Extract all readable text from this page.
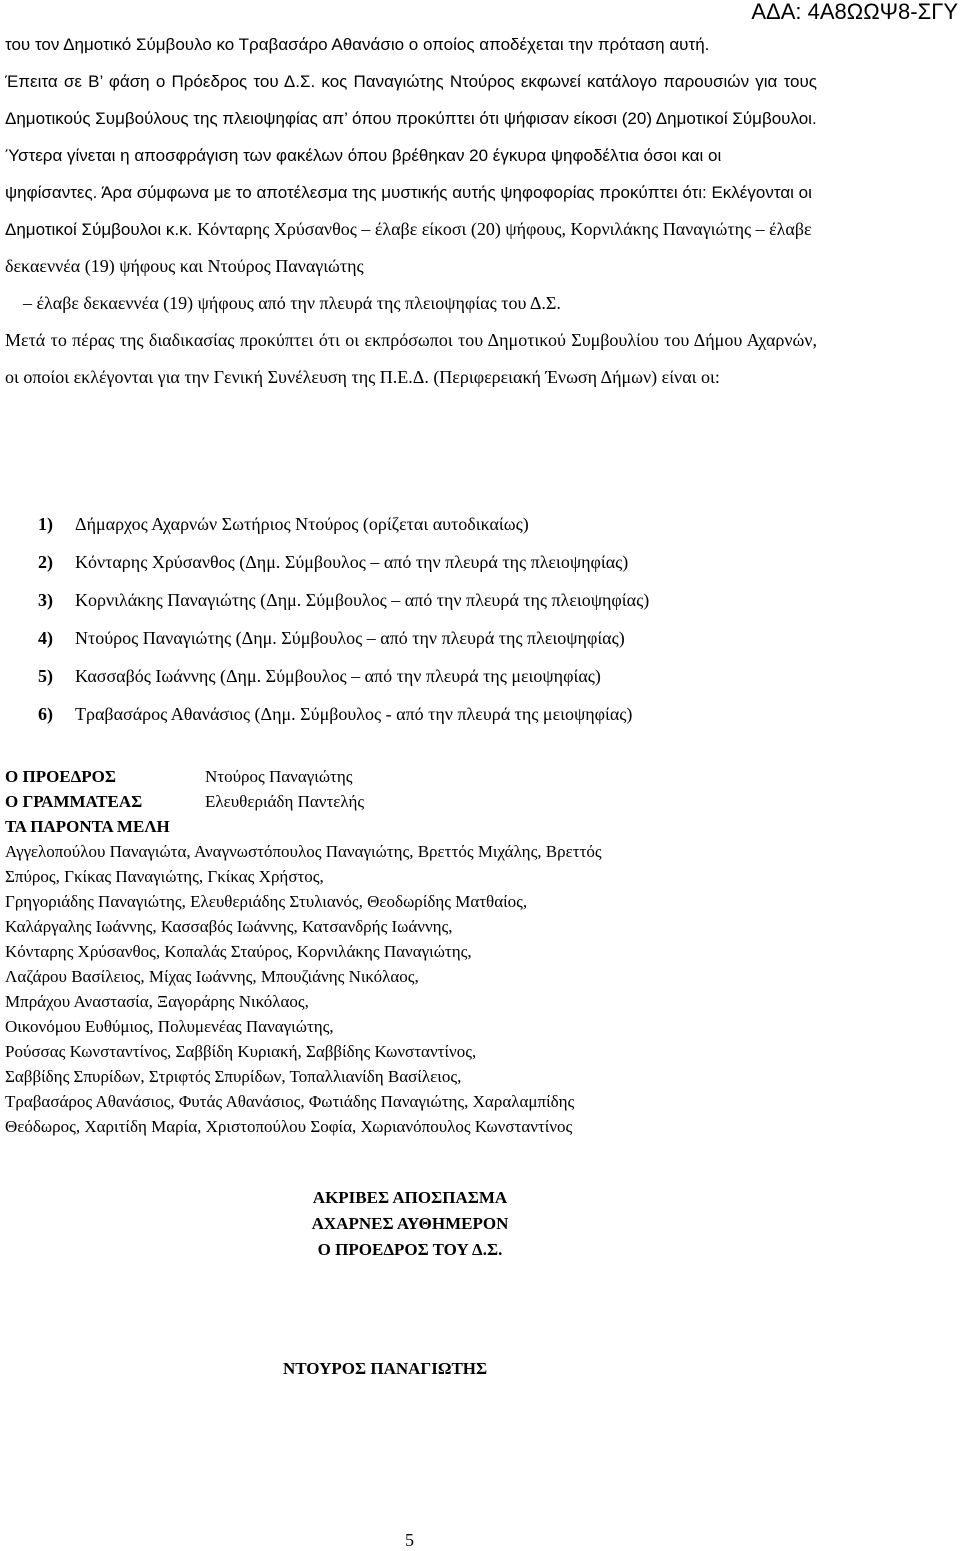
ΑΔΑ: 4Α8ΩΩΨ8-ΣΓΥ

του τον Δημοτικό Σύμβουλο κο Τραβασάρο Αθανάσιο ο οποίος αποδέχεται την πρόταση αυτή.

Έπειτα σε Β’ φάση ο Πρόεδρος του Δ.Σ. κος Παναγιώτης Ντούρος εκφωνεί κατάλογο παρουσιών για τους Δημοτικούς Συμβούλους της πλειοψηφίας απ’ όπου προκύπτει ότι ψήφισαν είκοσι (20) Δημοτικοί Σύμβουλοι.

Ύστερα γίνεται η αποσφράγιση των φακέλων όπου βρέθηκαν 20 έγκυρα ψηφοδέλτια όσοι και οι ψηφίσαντες. Άρα σύμφωνα με το αποτέλεσμα της μυστικής αυτής ψηφοφορίας προκύπτει ότι: Εκλέγονται οι Δημοτικοί Σύμβουλοι κ.κ. Κόνταρης Χρύσανθος – έλαβε είκοσι (20) ψήφους, Κορνιλάκης Παναγιώτης – έλαβε δεκαεννέα (19) ψήφους και Ντούρος Παναγιώτης

– έλαβε δεκαεννέα (19) ψήφους από την πλευρά της πλειοψηφίας του Δ.Σ.

Μετά το πέρας της διαδικασίας προκύπτει ότι οι εκπρόσωποι του Δημοτικού Συμβουλίου του Δήμου Αχαρνών, οι οποίοι εκλέγονται για την Γενική Συνέλευση της Π.Ε.Δ. (Περιφερειακή Ένωση Δήμων) είναι οι:

1) Δήμαρχος Αχαρνών Σωτήριος Ντούρος (ορίζεται αυτοδικαίως)
2) Κόνταρης Χρύσανθος (Δημ. Σύμβουλος – από την πλευρά της πλειοψηφίας)
3) Κορνιλάκης Παναγιώτης (Δημ. Σύμβουλος – από την πλευρά της πλειοψηφίας)
4) Ντούρος Παναγιώτης (Δημ. Σύμβουλος – από την πλευρά της πλειοψηφίας)
5) Κασσαβός Ιωάννης (Δημ. Σύμβουλος – από την πλευρά της μειοψηφίας)
6) Τραβασάρος Αθανάσιος (Δημ. Σύμβουλος - από την πλευρά της μειοψηφίας)
Ο ΠΡΟΕΔΡΟΣ	Ντούρος Παναγιώτης
Ο ΓΡΑΜΜΑΤΕΑΣ	Ελευθεριάδη Παντελής
ΤΑ ΠΑΡΟΝΤΑ ΜΕΛΗ
Αγγελοπούλου Παναγιώτα, Αναγνωστόπουλος Παναγιώτης, Βρεττός Μιχάλης, Βρεττός
Σπύρος, Γκίκας Παναγιώτης, Γκίκας Χρήστος,
Γρηγοριάδης Παναγιώτης, Ελευθεριάδης Στυλιανός, Θεοδωρίδης Ματθαίος,
Καλάργαλης Ιωάννης, Κασσαβός Ιωάννης, Κατσανδρής Ιωάννης,
Κόνταρης Χρύσανθος, Κοπαλάς Σταύρος, Κορνιλάκης Παναγιώτης,
Λαζάρου Βασίλειος, Μίχας Ιωάννης, Μπουζιάνης Νικόλαος,
Μπράχου Αναστασία, Ξαγοράρης Νικόλαος,
Οικονόμου Ευθύμιος, Πολυμενέας Παναγιώτης,
Ρούσσας Κωνσταντίνος, Σαββίδη Κυριακή, Σαββίδης Κωνσταντίνος,
Σαββίδης Σπυρίδων, Στριφτός Σπυρίδων, Τοπαλλιανίδη Βασίλειος,
Τραβασάρος Αθανάσιος, Φυτάς Αθανάσιος, Φωτιάδης Παναγιώτης, Χαραλαμπίδης
Θεόδωρος, Χαριτίδη Μαρία, Χριστοπούλου Σοφία, Χωριανόπουλος Κωνσταντίνος
ΑΚΡΙΒΕΣ ΑΠΟΣΠΑΣΜΑ
ΑΧΑΡΝΕΣ ΑΥΘΗΜΕΡΟΝ
Ο ΠΡΟΕΔΡΟΣ ΤΟΥ Δ.Σ.
ΝΤΟΥΡΟΣ ΠΑΝΑΓΙΩΤΗΣ
5
